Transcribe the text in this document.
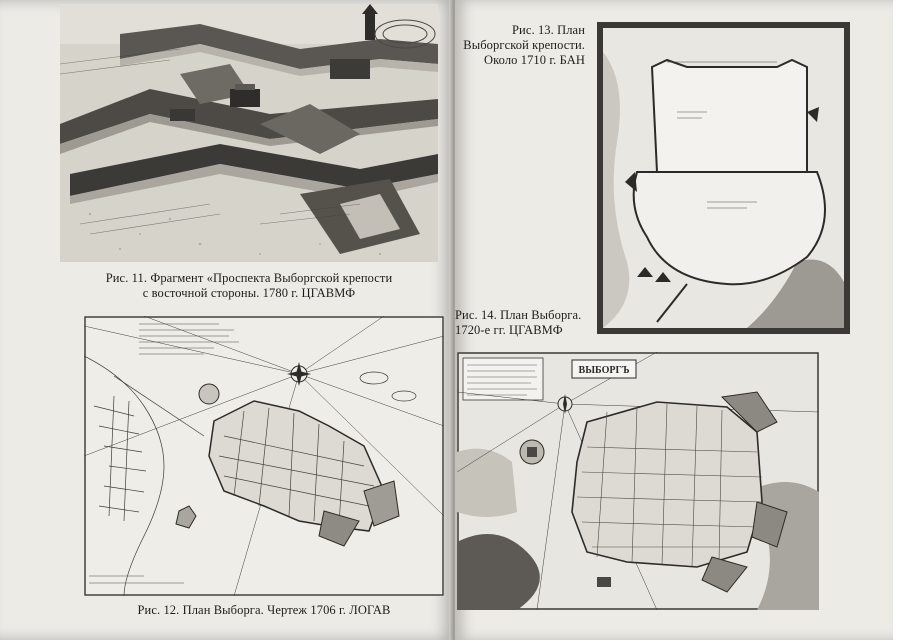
Рис. 11. Фрагмент «Проспекта Выборгской крепости
с восточной стороны. 1780 г. ЦГАВМФ
Рис. 12. План Выборга. Чертеж 1706 г. ЛОГАВ
Рис. 13. План
Выборгской крепости.
Около 1710 г. БАН
Рис. 14. План Выборга.
1720-е гг. ЦГАВМФ
ВЫБОРГЪ
